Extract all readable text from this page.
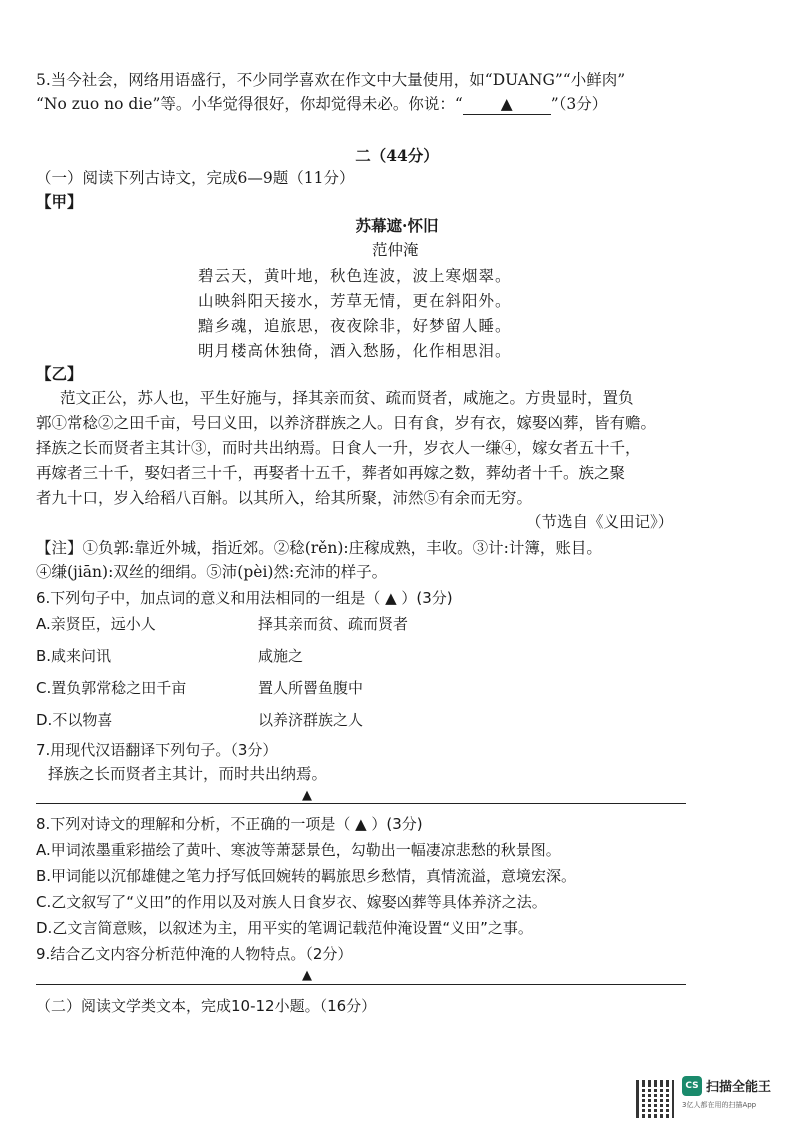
5.当今社会，网络用语盛行，不少同学喜欢在作文中大量使用，如“DUANG”“小鲜肉”
“No zuo no die”等。小华觉得很好，你却觉得未必。你说：“ ▲ ”（3分）
二（44分）
（一）阅读下列古诗文，完成6—9题（11分）
【甲】
苏幕遮·怀旧
范仲淹
碧云天，黄叶地，秋色连波，波上寒烟翠。
山映斜阳天接水，芳草无情，更在斜阳外。
黯乡魂，追旅思，夜夜除非，好梦留人睡。
明月楼高休独倚，酒入愁肠，化作相思泪。
【乙】
范文正公，苏人也，平生好施与，择其亲而贫、疏而贤者，咸施之。方贵显时，置负
郭①常稔②之田千亩，号曰义田，以养济群族之人。日有食，岁有衣，嫁娶凶葬，皆有赡。
择族之长而贤者主其计③，而时共出纳焉。日食人一升，岁衣人一缣④，嫁女者五十千，
再嫁者三十千，娶妇者三十千，再娶者十五千，葬者如再嫁之数，葬幼者十千。族之聚
者九十口，岁入给稻八百斛。以其所入，给其所聚，沛然⑤有余而无穷。
（节选自《义田记》）
【注】①负郭:靠近外城，指近郊。②稔(rěn):庄稼成熟，丰收。③计:计簿，账目。
④缣(jiān):双丝的细绢。⑤沛(pèi)然:充沛的样子。
6.下列句子中，加点词的意义和用法相同的一组是（ ▲ ）(3分)
A.亲贤臣，远小人	择其亲而贫、疏而贤者
B.咸来问讯	咸施之
C.置负郭常稔之田千亩	置人所罾鱼腹中
D.不以物喜	以养济群族之人
7.用现代汉语翻译下列句子。（3分）
择族之长而贤者主其计，而时共出纳焉。
▲
8.下列对诗文的理解和分析，不正确的一项是（ ▲ ）(3分)
A.甲词浓墨重彩描绘了黄叶、寒波等萧瑟景色，勾勒出一幅凄凉悲愁的秋景图。
B.甲词能以沉郁雄健之笔力抒写低回婉转的羁旅思乡愁情，真情流溢，意境宏深。
C.乙文叙写了“义田”的作用以及对族人日食岁衣、嫁娶凶葬等具体养济之法。
D.乙文言简意赅，以叙述为主，用平实的笔调记载范仲淹设置“义田”之事。
9.结合乙文内容分析范仲淹的人物特点。（2分）
▲
（二）阅读文学类文本，完成10-12小题。（16分）
CS 扫描全能王
3亿人都在用的扫描App
